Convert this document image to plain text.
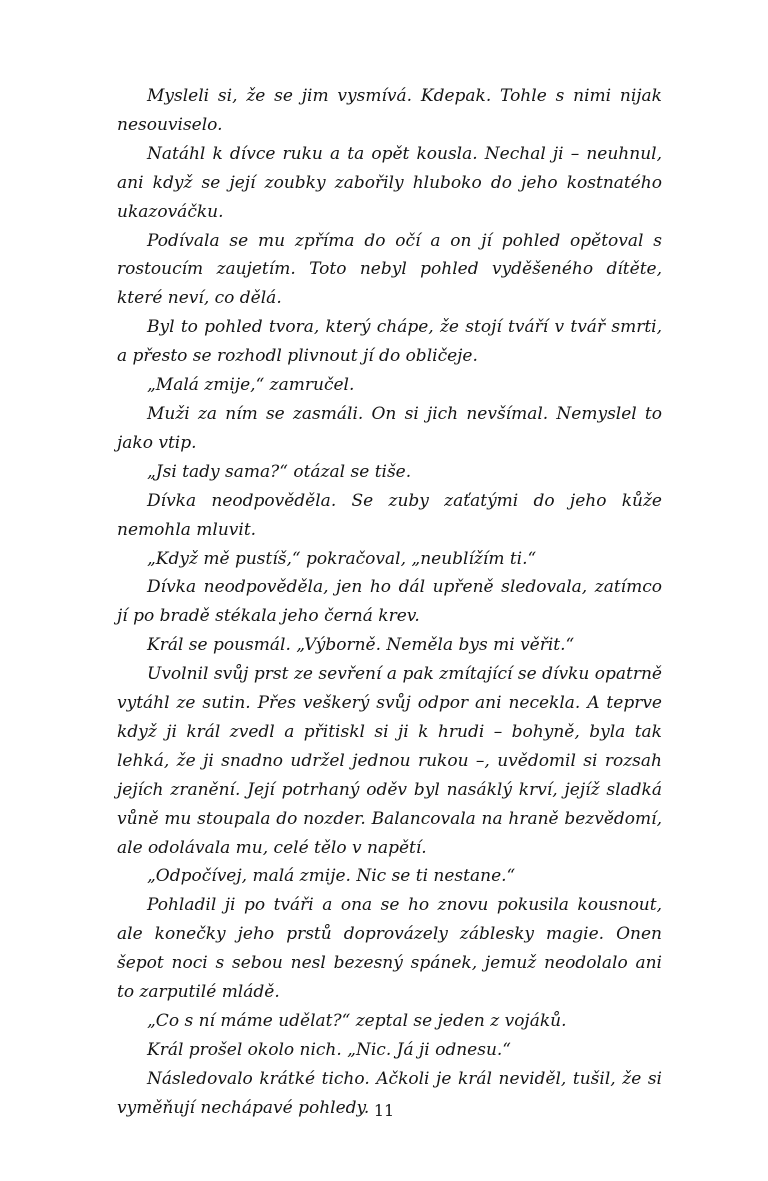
Mysleli si, že se jim vysmívá. Kdepak. Tohle s nimi nijak nesouviselo.

Natáhl k dívce ruku a ta opět kousla. Nechal ji – neuhnul, ani když se její zoubky zabořily hluboko do jeho kostnatého ukazováčku.

Podívala se mu zpříma do očí a on jí pohled opětoval s rostoucím zaujetím. Toto nebyl pohled vyděšeného dítěte, které neví, co dělá.

Byl to pohled tvora, který chápe, že stojí tváří v tvář smrti, a přesto se rozhodl plivnout jí do obličeje.

„Malá zmije,“ zamručel.

Muži za ním se zasmáli. On si jich nevšímal. Nemyslel to jako vtip.

„Jsi tady sama?“ otázal se tiše.

Dívka neodpověděla. Se zuby zaťatými do jeho kůže nemohla mluvit.

„Když mě pustíš,“ pokračoval, „neublížím ti.“

Dívka neodpověděla, jen ho dál upřeně sledovala, zatímco jí po bradě stékala jeho černá krev.

Král se pousmál. „Výborně. Neměla bys mi věřit.“

Uvolnil svůj prst ze sevření a pak zmítající se dívku opatrně vytáhl ze sutin. Přes veškerý svůj odpor ani necekla. A teprve když ji král zvedl a přitiskl si ji k hrudi – bohyně, byla tak lehká, že ji snadno udržel jednou rukou –, uvědomil si rozsah jejích zranění. Její potrhaný oděv byl nasáklý krví, jejíž sladká vůně mu stoupala do nozder. Balancovala na hraně bezvědomí, ale odolávala mu, celé tělo v napětí.

„Odpočívej, malá zmije. Nic se ti nestane.“

Pohladil ji po tváři a ona se ho znovu pokusila kousnout, ale konečky jeho prstů doprovázely záblesky magie. Onen šepot noci s sebou nesl bezesný spánek, jemuž neodolalo ani to zarputilé mládě.

„Co s ní máme udělat?“ zeptal se jeden z vojáků.

Král prošel okolo nich. „Nic. Já ji odnesu.“

Následovalo krátké ticho. Ačkoli je král neviděl, tušil, že si vyměňují nechápavé pohledy. 11
